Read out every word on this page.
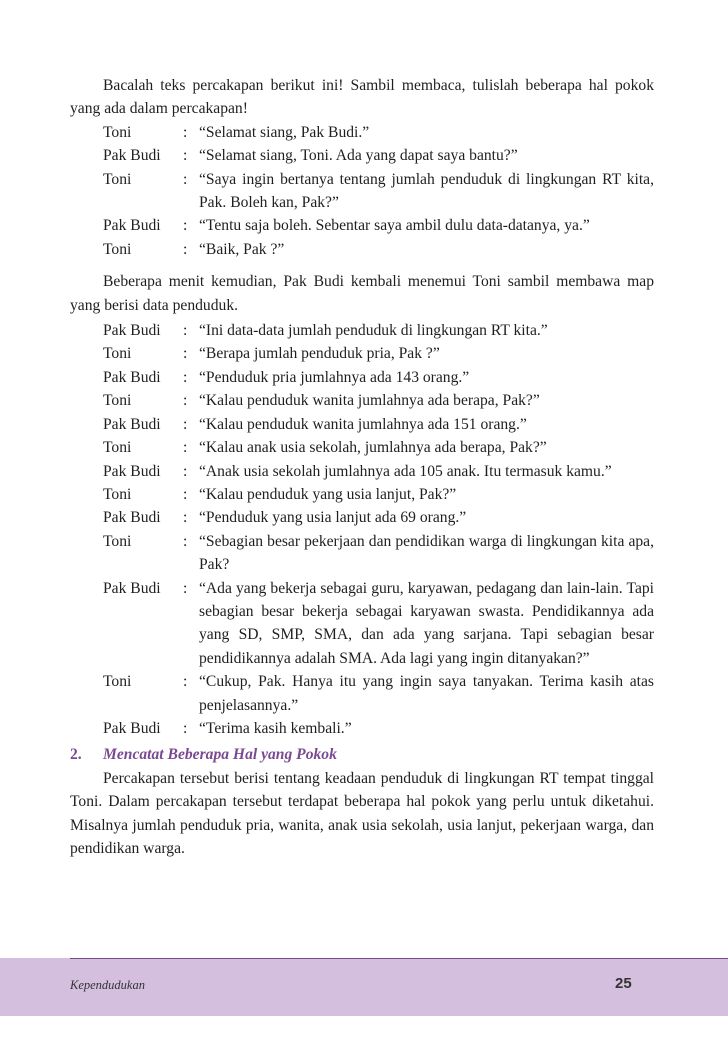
Bacalah teks percakapan berikut ini! Sambil membaca, tulislah beberapa hal pokok yang ada dalam percakapan!

Toni	: “Selamat siang, Pak Budi.”
Pak Budi	: “Selamat siang, Toni. Ada yang dapat saya bantu?”
Toni	: “Saya ingin bertanya tentang jumlah penduduk di lingkungan RT kita, Pak. Boleh kan, Pak?”
Pak Budi	: “Tentu saja boleh. Sebentar saya ambil dulu data-datanya, ya.”
Toni	: “Baik, Pak ?”

Beberapa menit kemudian, Pak Budi kembali menemui Toni sambil membawa map yang berisi data penduduk.

Pak Budi	: “Ini data-data jumlah penduduk di lingkungan RT kita.”
Toni	: “Berapa jumlah penduduk pria, Pak ?”
Pak Budi	: “Penduduk pria jumlahnya ada 143 orang.”
Toni	: “Kalau penduduk wanita jumlahnya ada berapa, Pak?”
Pak Budi	: “Kalau penduduk wanita jumlahnya ada 151 orang.”
Toni	: “Kalau anak usia sekolah, jumlahnya ada berapa, Pak?”
Pak Budi	: “Anak usia sekolah jumlahnya ada 105 anak. Itu termasuk kamu.”
Toni	: “Kalau penduduk yang usia lanjut, Pak?”
Pak Budi	: “Penduduk yang usia lanjut ada 69 orang.”
Toni	: “Sebagian besar pekerjaan dan pendidikan warga di lingkungan kita apa, Pak?
Pak Budi	: “Ada yang bekerja sebagai guru, karyawan, pedagang dan lain-lain. Tapi sebagian besar bekerja sebagai karyawan swasta. Pendidikannya ada yang SD, SMP, SMA, dan ada yang sarjana. Tapi sebagian besar pendidikannya adalah SMA. Ada lagi yang ingin ditanyakan?”
Toni	: “Cukup, Pak. Hanya itu yang ingin saya tanyakan. Terima kasih atas penjelasannya.”
Pak Budi	: “Terima kasih kembali.”
2.	Mencatat Beberapa Hal yang Pokok

Percakapan tersebut berisi tentang keadaan penduduk di lingkungan RT tempat tinggal Toni. Dalam percakapan tersebut terdapat beberapa hal pokok yang perlu untuk diketahui. Misalnya jumlah penduduk pria, wanita, anak usia sekolah, usia lanjut, pekerjaan warga, dan pendidikan warga.

Kependudukan	25
